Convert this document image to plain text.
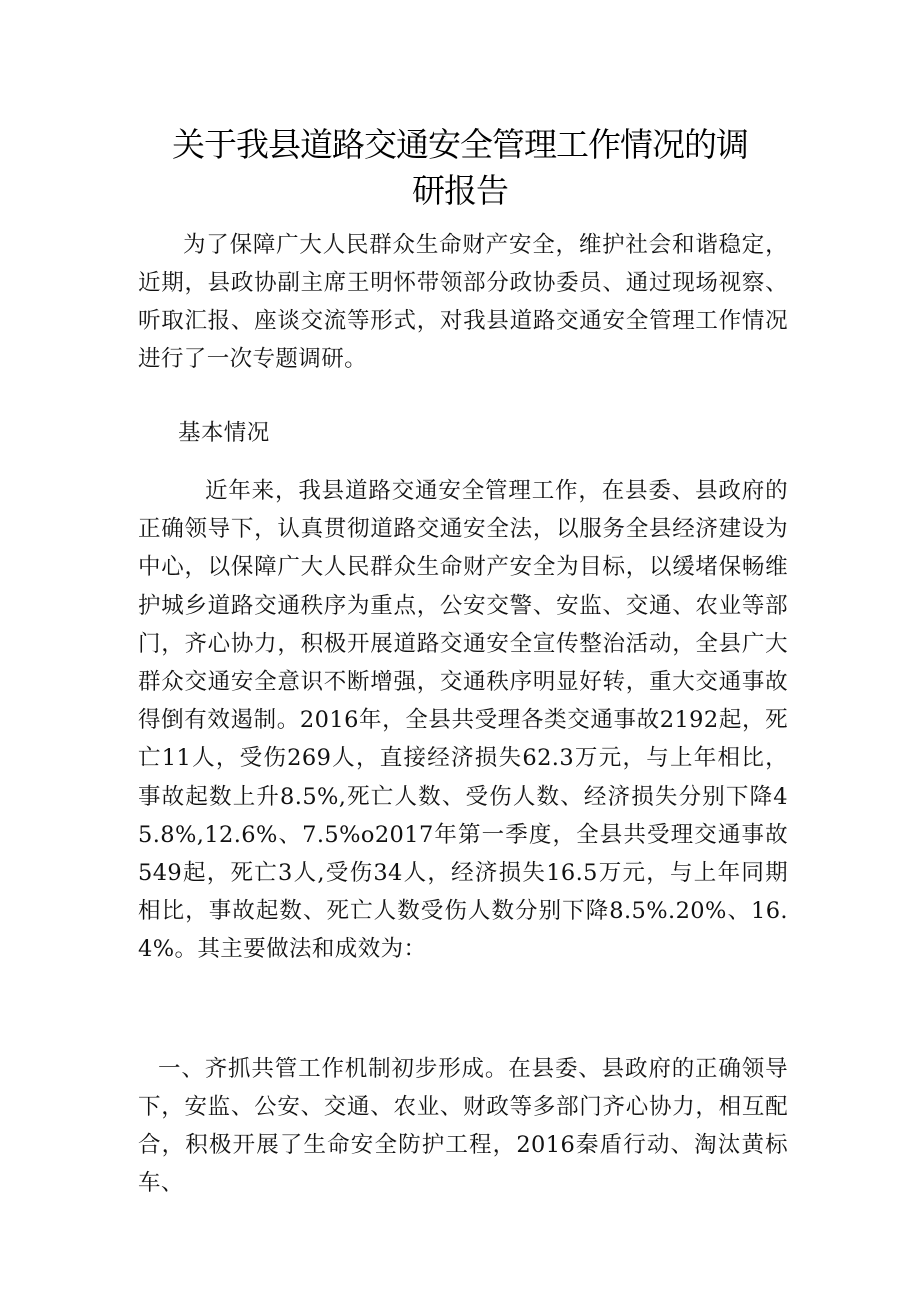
关于我县道路交通安全管理工作情况的调
研报告

为了保障广大人民群众生命财产安全，维护社会和谐稳定，近期，县政协副主席王明怀带领部分政协委员、通过现场视察、听取汇报、座谈交流等形式，对我县道路交通安全管理工作情况进行了一次专题调研。

基本情况

近年来，我县道路交通安全管理工作，在县委、县政府的正确领导下，认真贯彻道路交通安全法，以服务全县经济建设为中心，以保障广大人民群众生命财产安全为目标，以缓堵保畅维护城乡道路交通秩序为重点，公安交警、安监、交通、农业等部门，齐心协力，积极开展道路交通安全宣传整治活动，全县广大群众交通安全意识不断增强，交通秩序明显好转，重大交通事故得倒有效遏制。2016年，全县共受理各类交通事故2192起，死亡11人，受伤269人，直接经济损失62.3万元，与上年相比，事故起数上升8.5%,死亡人数、受伤人数、经济损失分别下降45.8%,12.6%、7.5%o2017年第一季度，全县共受理交通事故549起，死亡3人,受伤34人，经济损失16.5万元，与上年同期相比，事故起数、死亡人数受伤人数分别下降8.5%.20%、16.4%。其主要做法和成效为：

一、齐抓共管工作机制初步形成。在县委、县政府的正确领导下，安监、公安、交通、农业、财政等多部门齐心协力，相互配合，积极开展了生命安全防护工程，2016秦盾行动、淘汰黄标车、
